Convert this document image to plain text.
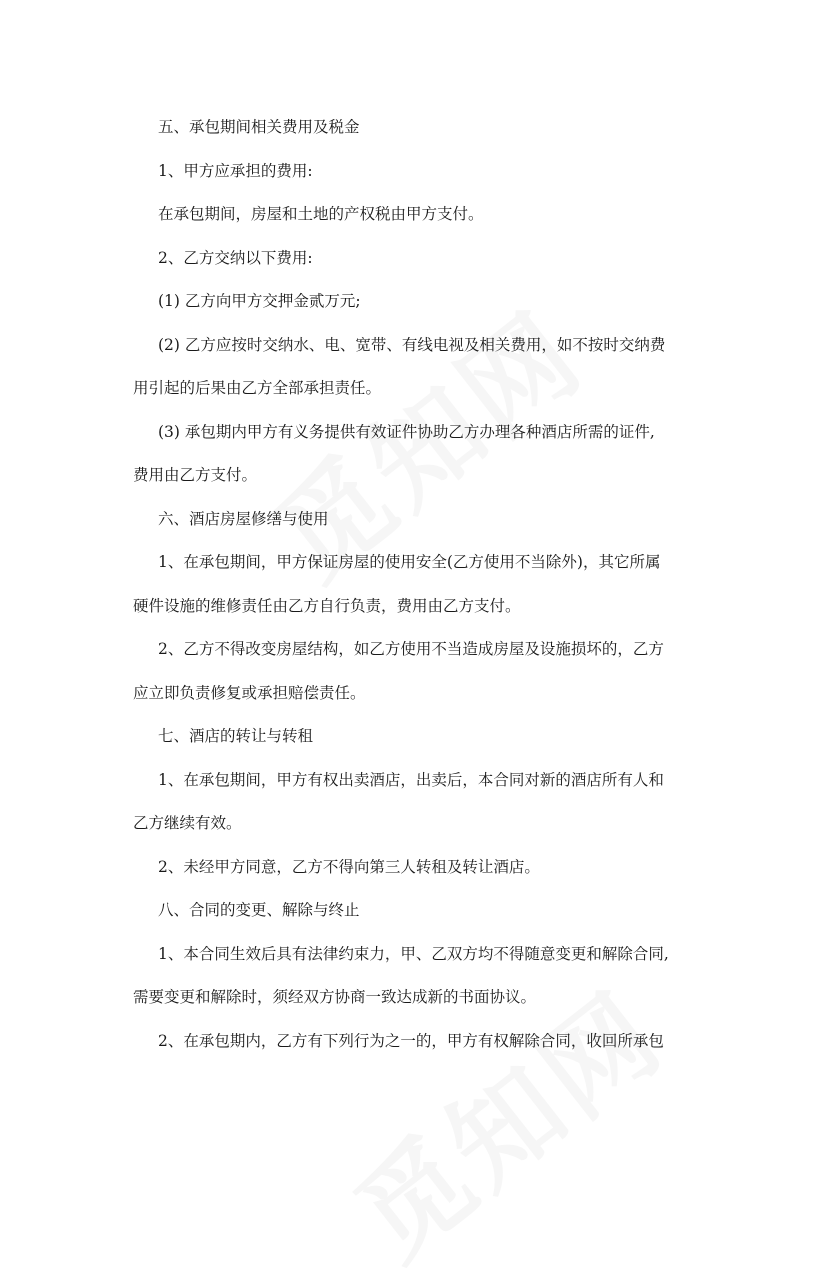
五、承包期间相关费用及税金
1、甲方应承担的费用:
在承包期间，房屋和土地的产权税由甲方支付。
2、乙方交纳以下费用:
(1) 乙方向甲方交押金贰万元;
(2) 乙方应按时交纳水、电、宽带、有线电视及相关费用，如不按时交纳费
用引起的后果由乙方全部承担责任。
(3) 承包期内甲方有义务提供有效证件协助乙方办理各种酒店所需的证件,
费用由乙方支付。
六、酒店房屋修缮与使用
1、在承包期间，甲方保证房屋的使用安全(乙方使用不当除外)，其它所属
硬件设施的维修责任由乙方自行负责，费用由乙方支付。
2、乙方不得改变房屋结构，如乙方使用不当造成房屋及设施损坏的，乙方
应立即负责修复或承担赔偿责任。
七、酒店的转让与转租
1、在承包期间，甲方有权出卖酒店，出卖后，本合同对新的酒店所有人和
乙方继续有效。
2、未经甲方同意，乙方不得向第三人转租及转让酒店。
八、合同的变更、解除与终止
1、本合同生效后具有法律约束力，甲、乙双方均不得随意变更和解除合同,
需要变更和解除时，须经双方协商一致达成新的书面协议。
2、在承包期内，乙方有下列行为之一的，甲方有权解除合同，收回所承包
